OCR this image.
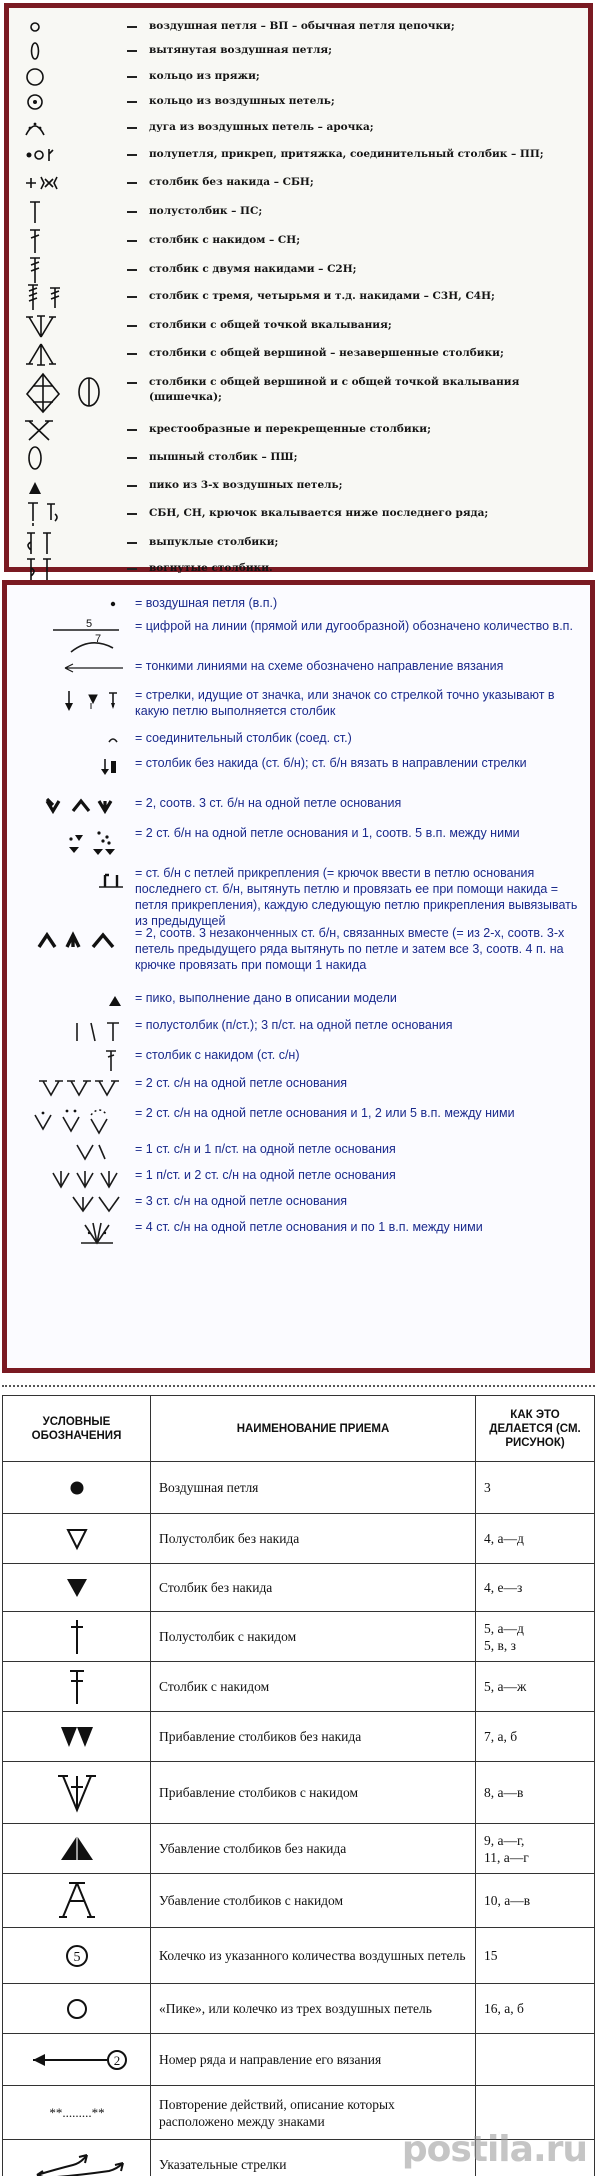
воздушная петля – ВП – обычная петля цепочки;
вытянутая воздушная петля;
кольцо из пряжи;
кольцо из воздушных петель;
дуга из воздушных петель – арочка;
полупетля, прикреп, притяжка, соединительный столбик – ПП;
столбик без накида – СБН;
полустолбик – ПС;
столбик с накидом – СН;
столбик с двумя накидами – С2Н;
столбик с тремя, четырьмя и т.д. накидами – С3Н, С4Н;
столбики с общей точкой вкалывания;
столбики с общей вершиной – незавершенные столбики;
столбики с общей вершиной и с общей точкой вкалывания (шишечка);
крестообразные и перекрещенные столбики;
пышный столбик – ПШ;
пико из 3-х воздушных петель;
СБН, СН, крючок вкалывается ниже последнего ряда;
выпуклые столбики;
вогнутые столбики.
= воздушная петля (в.п.)
5
7
= цифрой на линии (прямой или дугообразной) обозначено количество в.п.
= тонкими линиями на схеме обозначено направление вязания
= стрелки, идущие от значка, или значок со стрелкой точно указывают в какую петлю выполняется столбик
= соединительный столбик (соед. ст.)
= столбик без накида (ст. б/н); ст. б/н вязать в направлении стрелки
= 2, соотв. 3 ст. б/н на одной петле основания
= 2 ст. б/н на одной петле основания и 1, соотв. 5 в.п. между ними
= ст. б/н с петлей прикрепления (= крючок ввести в петлю основания последнего ст. б/н, вытянуть петлю и провязать ее при помощи накида = петля прикрепления), каждую следующую петлю прикрепления вывязывать из предыдущей
= 2, соотв. 3 незаконченных ст. б/н, связанных вместе (= из 2-х, соотв. 3-х петель предыдущего ряда вытянуть по петле и затем все 3, соотв. 4 п. на крючке провязать при помощи 1 накида
= пико, выполнение дано в описании модели
= полустолбик (п/ст.); 3 п/ст. на одной петле основания
= столбик с накидом (ст. с/н)
= 2 ст. с/н на одной петле основания
= 2 ст. с/н на одной петле основания и 1, 2 или 5 в.п. между ними
= 1 ст. с/н и 1 п/ст. на одной петле основания
= 1 п/ст. и 2 ст. с/н на одной петле основания
= 3 ст. с/н на одной петле основания
= 4 ст. с/н на одной петле основания и по 1 в.п. между ними
УСЛОВНЫЕ ОБОЗНАЧЕНИЯ	НАИМЕНОВАНИЕ ПРИЕМА	КАК ЭТО ДЕЛАЕТСЯ (СМ. РИСУНОК)

	Воздушная петля	3

	Полустолбик без накида	4, а—д

	Столбик без накида	4, е—з

	Полустолбик с накидом	5, а—д
5, в, з

	Столбик с накидом	5, а—ж

	Прибавление столбиков без накида	7, а, б

	Прибавление столбиков с накидом	8, а—в

	Убавление столбиков без накида	9, а—г,
11, а—г

	Убавление столбиков с накидом	10, а—в

5	Колечко из указанного количества воздушных петель	15

	«Пике», или колечко из трех воздушных петель	16, а, б

2	Номер ряда и направление его вязания	

**.........**	Повторение действий, описание которых расположено между знаками	

	Указательные стрелки		postila.ru
